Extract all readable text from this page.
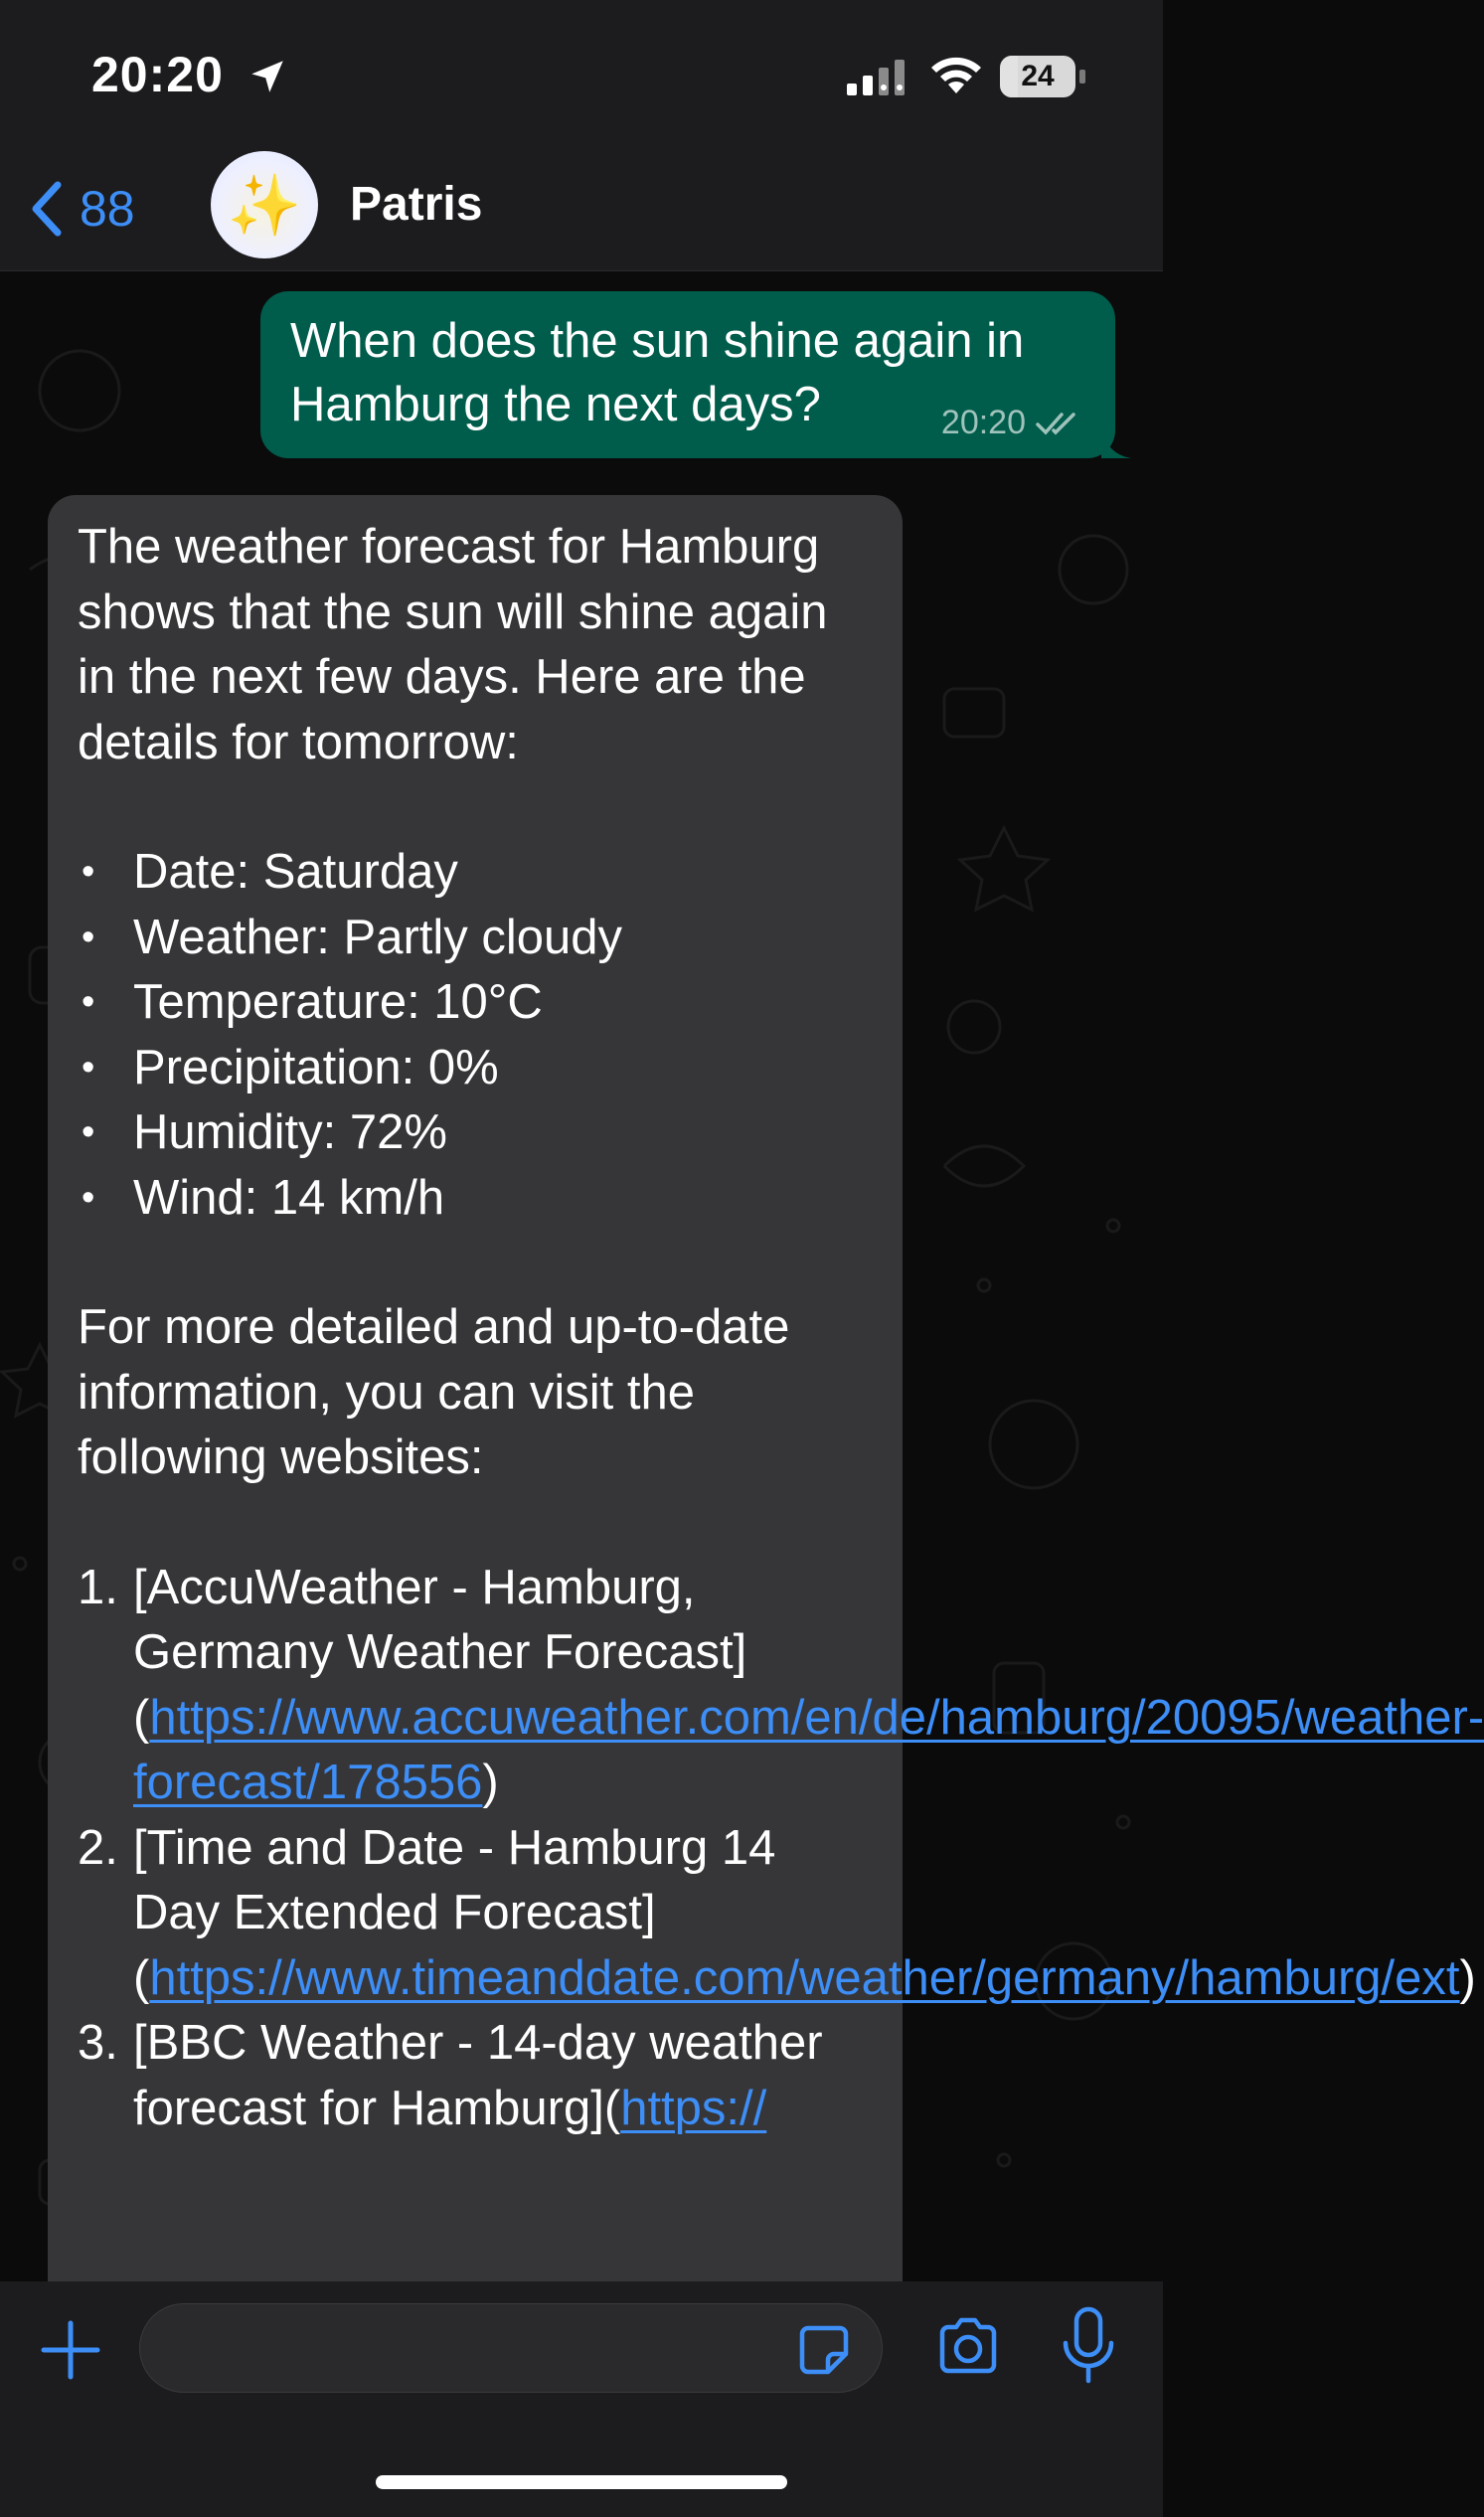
20:20	24
88 ✨ Patris
When does the sun shine again in Hamburg the next days?	20:20

The weather forecast for Hamburg shows that the sun will shine again in the next few days. Here are the details for tomorrow:

• Date: Saturday
• Weather: Partly cloudy
• Temperature: 10°C
• Precipitation: 0%
• Humidity: 72%
• Wind: 14 km/h

For more detailed and up-to-date information, you can visit the following websites:

1. [AccuWeather - Hamburg, Germany Weather Forecast](https://www.accuweather.com/en/de/hamburg/20095/weather-forecast/178556)
2. [Time and Date - Hamburg 14 Day Extended Forecast](https://www.timeanddate.com/weather/germany/hamburg/ext)
3. [BBC Weather - 14-day weather forecast for Hamburg](https://
